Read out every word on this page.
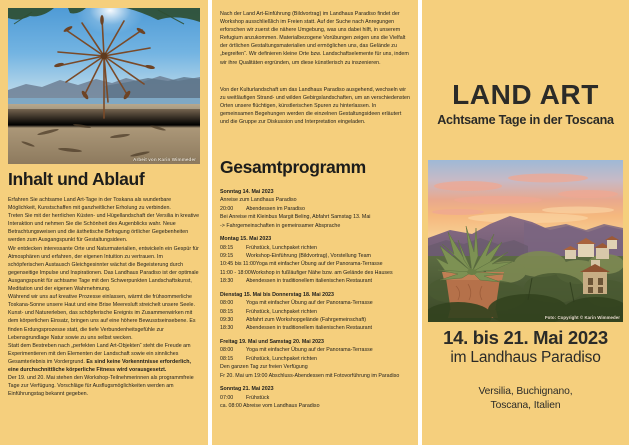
Arbeit von Karin Wimmeder
Inhalt und Ablauf

Erfahren Sie achtsame Land Art-Tage in der Toskana als wunderbare Möglichkeit, Kunstschaffen mit ganzheitlicher Erholung zu verbinden.

Treten Sie mit der herrlichen Küsten- und Hügellandschaft der Versilia in kreative Interaktion und nehmen Sie die Schönheit des Augenblicks wahr. Neue Betrachtungsweisen und die ästhetische Befragung örtlicher Gegebenheiten werden zum Ausgangspunkt für Gestaltungsideen.

Wir entdecken interessante Orte und Naturmaterialien, entwickeln ein Gespür für Atmosphären und erfahren, der eigenen Intuition zu vertrauen. Im schöpferischen Austausch Gleichgesinnter wächst die Begeisterung durch gegenseitige Impulse und Inspirationen. Das Landhaus Paradiso ist der optimale Ausgangspunkt für achtsame Tage mit den Schwerpunkten Landschaftskunst, Meditation und der eigenen Wahrnehmung.

Während wir uns auf kreative Prozesse einlassen, wärmt die frühsommerliche Toskana-Sonne unsere Haut und eine Brise Meeresluft streichelt unsere Seele. Kunst- und Naturerleben, das schöpferische Ereignis im Zusammenwirken mit dem körperlichen Einsatz, bringen uns auf eine höhere Bewusstseinsebene. Es finden Erdungsprozesse statt, die tiefe Verbundenheitsgefühle zur Lebensgrundlage Natur sowie zu uns selbst wecken.

Statt dem Bestreben nach „perfekten Land Art-Objekten“ steht die Freude am Experimentieren mit den Elementen der Landschaft sowie ein sinnliches Gesamterlebnis im Vordergrund. Es sind keine Vorkenntnisse erforderlich, eine durchschnittliche körperliche Fitness wird vorausgesetzt.

Der 19. und 20. Mai stehen den Workshop-Teilnehmerinnen als programmfreie Tage zur Verfügung. Vorschläge für Ausflugsmöglichkeiten werden am Einführungstag bekannt gegeben.

Nach der Land Art-Einführung (Bildvortrag) im Landhaus Paradiso findet der Workshop ausschließlich im Freien statt. Auf der Suche nach Anregungen erforschen wir zuerst die nähere Umgebung, was uns dabei hilft, in unserem Refugium anzukommen. Materialbezogene Vorübungen zeigen uns die Vielfalt der örtlichen Gestaltungsmaterialien und ermöglichen uns, das Gelände zu „begreifen“. Wir definieren kleine Orte bzw. Landschaftselemente für uns, indem wir ihre Qualitäten ergründen, um diese künstlerisch zu inszenieren.

Von der Kulturlandschaft um das Landhaus Paradiso ausgehend, wechseln wir zu weitläufigen Strand- und wilden Gebirgslandschaften, um an verschiedensten Orten unsere flüchtigen, künstlerischen Spuren zu hinterlassen. In gemeinsamen Begehungen werden die einzelnen Gestaltungsideen erläutert und die Gruppe zur Diskussion und Interpretation eingeladen.

Gesamtprogramm
Sonntag 14. Mai 2023
Anreise zum Landhaus Paradiso
20:00	Abendessen im Paradiso
Bei Anreise mit Kleinbus Margit Beling, Abfahrt Samstag 13. Mai
-> Fahrgemeinschaften in gemeinsamer Absprache
Montag 15. Mai 2023
08:15	Frühstück, Lunchpaket richten
09:15	Workshop-Einführung (Bildvortrag), Vorstellung Team
10:45 bis 11:00 Yoga mit einfacher Übung auf der Panorama-Terrasse
11:00 - 18:00 Workshop in fußläufiger Nähe bzw. am Gelände des Hauses
18:30	Abendessen in traditionellem italienischen Restaurant
Dienstag 15. Mai bis Donnerstag 18. Mai 2023
08:00	Yoga mit einfacher Übung auf der Panorama-Terrasse
08:15	Frühstück, Lunchpaket richten
09:30	Abfahrt zum Workshopgelände (Fahrgemeinschaft)
18:30	Abendessen in traditionellem italienischen Restaurant
Freitag 19. Mai und Samstag 20. Mai 2023
08:00	Yoga mit einfacher Übung auf der Panorama-Terrasse
08:15	Frühstück, Lunchpaket richten
Den ganzen Tag zur freien Verfügung
Fr 20. Mai um 19:00 Abschluss-Abendessen mit Fotovorführung im Paradiso
Sonntag 21. Mai 2023
07:00	Frühstück
ca. 08:00 Abreise vom Landhaus Paradiso
LAND ART
Achtsame Tage in der Toscana
Foto: Copyright © Karin Wimmeder
14. bis 21. Mai 2023
im Landhaus Paradiso
Versilia, Buchignano,
Toscana, Italien
